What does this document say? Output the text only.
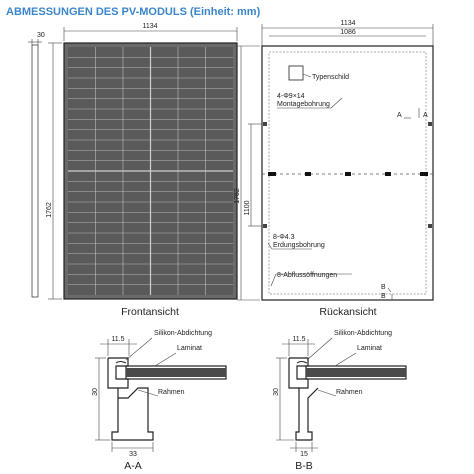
ABMESSUNGEN DES PV-MODULS (Einheit: mm)
30
1134
1762
Frontansicht
1134
1086
Typenschild
4-Φ9×14
Montagebohrung
1762
1100
8-Φ4.3
Erdungsbohrung
8-Abflussöffnungen
A	A
B
B
Rückansicht
11.5
Silikon-Abdichtung
Laminat
Rahmen
30
33
A-A
11.5
Silikon-Abdichtung
Laminat
Rahmen
30
15
B-B
